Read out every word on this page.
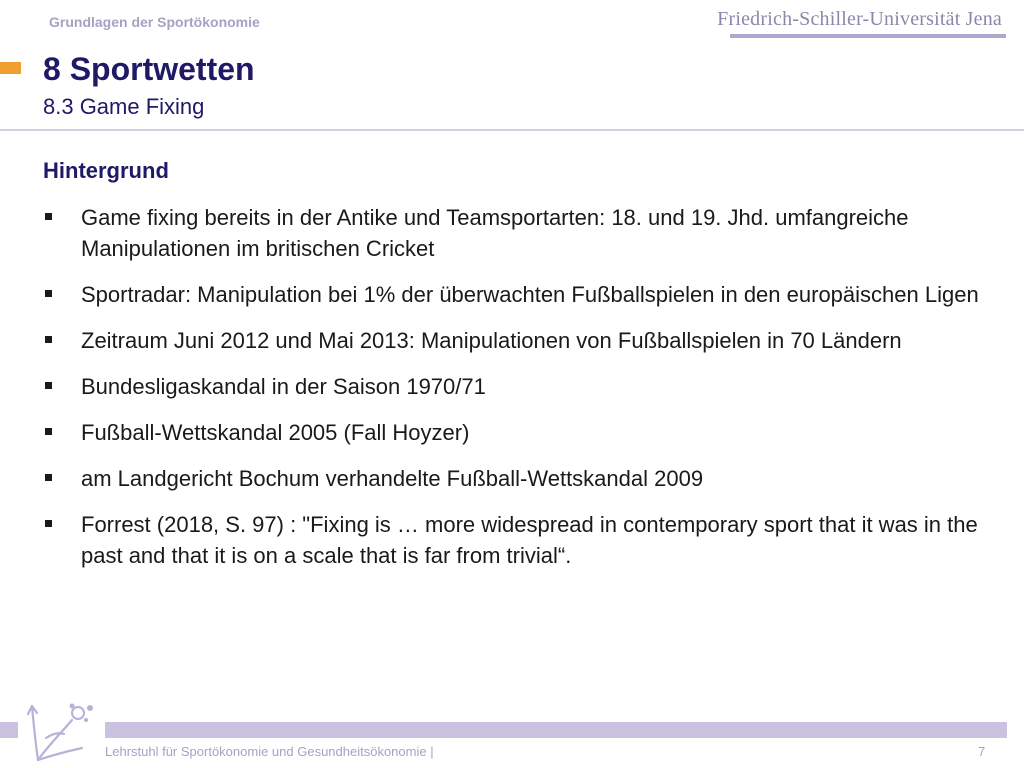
Grundlagen der Sportökonomie	Friedrich-Schiller-Universität Jena
8 Sportwetten
8.3 Game Fixing
Hintergrund
Game fixing bereits in der Antike und Teamsportarten: 18. und 19. Jhd. umfangreiche Manipulationen im britischen Cricket
Sportradar: Manipulation bei 1% der überwachten Fußballspielen in den europäischen Ligen
Zeitraum Juni 2012 und Mai 2013: Manipulationen von Fußballspielen in 70 Ländern
Bundesligaskandal in der Saison 1970/71
Fußball-Wettskandal 2005 (Fall Hoyzer)
am Landgericht Bochum verhandelte Fußball-Wettskandal 2009
Forrest (2018, S. 97) : "Fixing is … more widespread in contemporary sport that it was in the past and that it is on a scale that is far from trivial“.
Lehrstuhl für Sportökonomie und Gesundheitsökonomie |	7
